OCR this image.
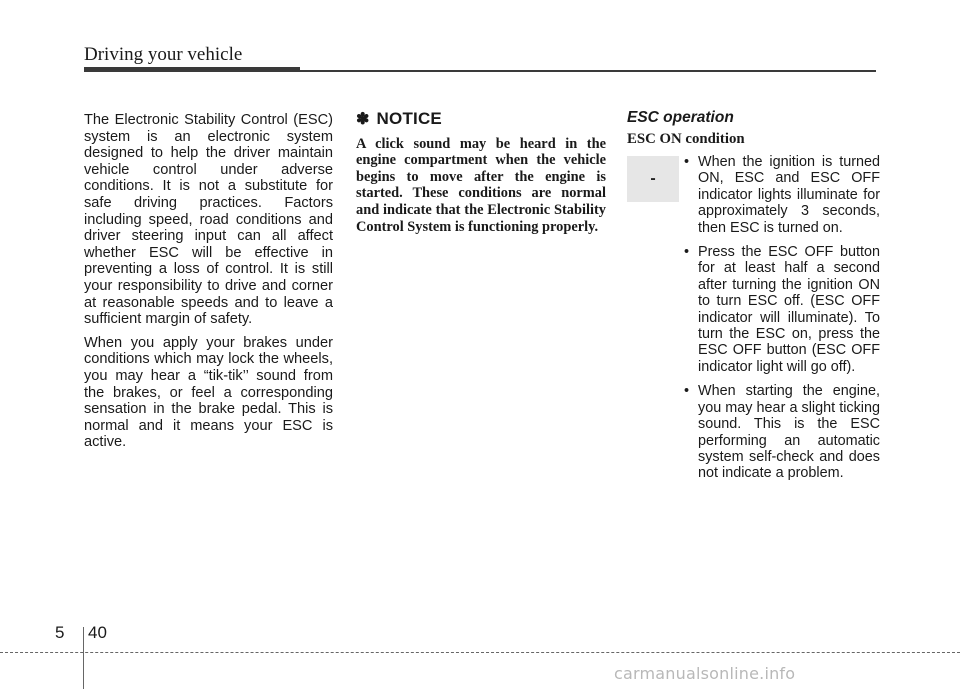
Driving your vehicle

The Electronic Stability Control (ESC) system is an electronic system designed to help the driver maintain vehicle control under adverse conditions. It is not a substitute for safe driving practices. Factors including speed, road conditions and driver steering input can all affect whether ESC will be effective in preventing a loss of control. It is still your responsibility to drive and corner at reasonable speeds and to leave a sufficient margin of safety.

When you apply your brakes under conditions which may lock the wheels, you may hear a “tik-tik’’ sound from the brakes, or feel a corresponding sensation in the brake pedal. This is normal and it means your ESC is active.

✽ NOTICE

A click sound may be heard in the engine compartment when the vehicle begins to move after the engine is started. These conditions are normal and indicate that the Electronic Stability Control System is functioning properly.

ESC operation
ESC ON condition
-
• When the ignition is turned ON, ESC and ESC OFF indicator lights illuminate for approximately 3 seconds, then ESC is turned on.
• Press the ESC OFF button for at least half a second after turning the ignition ON to turn ESC off. (ESC OFF indicator will illuminate). To turn the ESC on, press the ESC OFF button (ESC OFF indicator light will go off).
• When starting the engine, you may hear a slight ticking sound. This is the ESC performing an automatic system self-check and does not indicate a problem.
5 40
carmanualsonline.info
